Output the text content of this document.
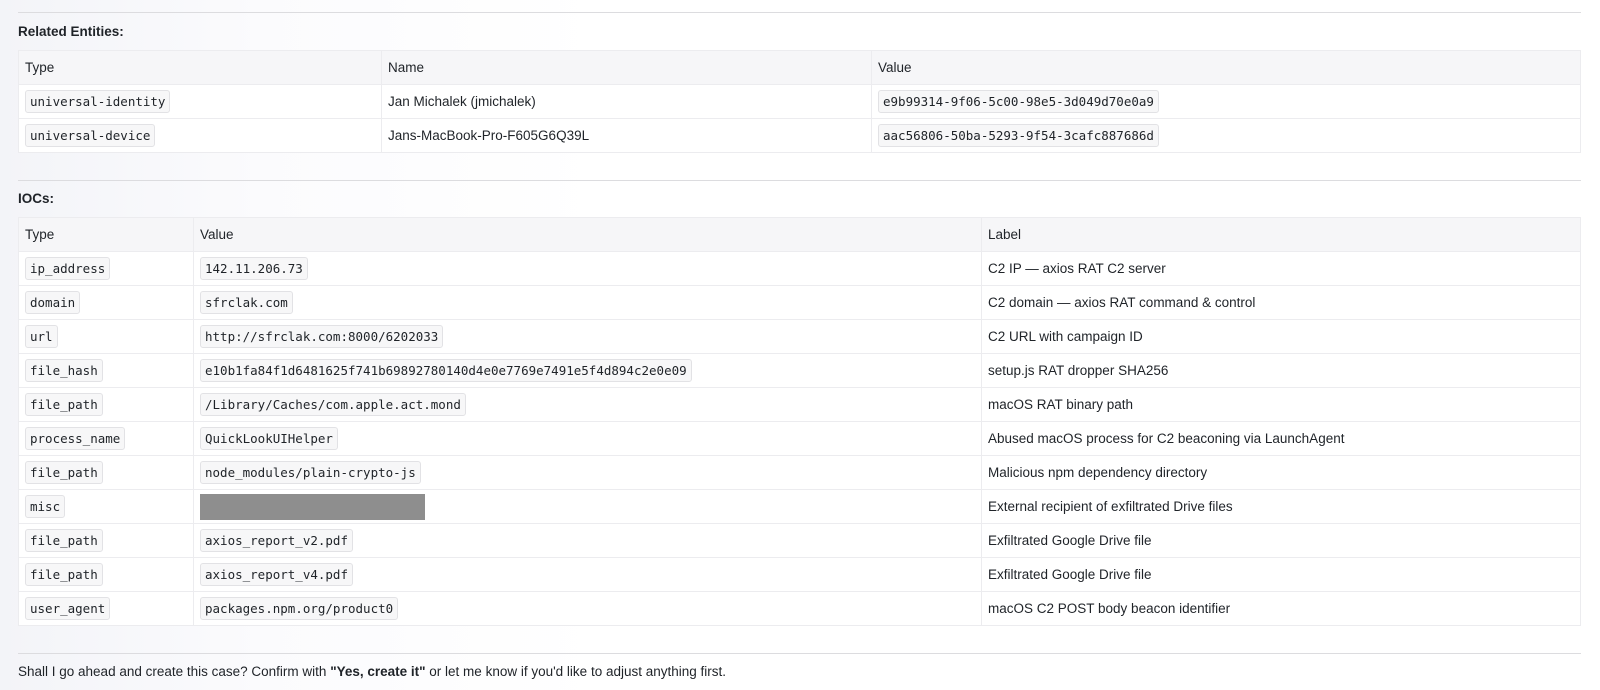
Related Entities:
Type	Name	Value
universal-identity	Jan Michalek (jmichalek)	e9b99314-9f06-5c00-98e5-3d049d70e0a9
universal-device	Jans-MacBook-Pro-F605G6Q39L	aac56806-50ba-5293-9f54-3cafc887686d
IOCs:
Type	Value	Label
ip_address	142.11.206.73	C2 IP — axios RAT C2 server
domain	sfrclak.com	C2 domain — axios RAT command & control
url	http://sfrclak.com:8000/6202033	C2 URL with campaign ID
file_hash	e10b1fa84f1d6481625f741b69892780140d4e0e7769e7491e5f4d894c2e0e09	setup.js RAT dropper SHA256
file_path	/Library/Caches/com.apple.act.mond	macOS RAT binary path
process_name	QuickLookUIHelper	Abused macOS process for C2 beaconing via LaunchAgent
file_path	node_modules/plain-crypto-js	Malicious npm dependency directory
misc		External recipient of exfiltrated Drive files
file_path	axios_report_v2.pdf	Exfiltrated Google Drive file
file_path	axios_report_v4.pdf	Exfiltrated Google Drive file
user_agent	packages.npm.org/product0	macOS C2 POST body beacon identifier
Shall I go ahead and create this case? Confirm with "Yes, create it" or let me know if you'd like to adjust anything first.
